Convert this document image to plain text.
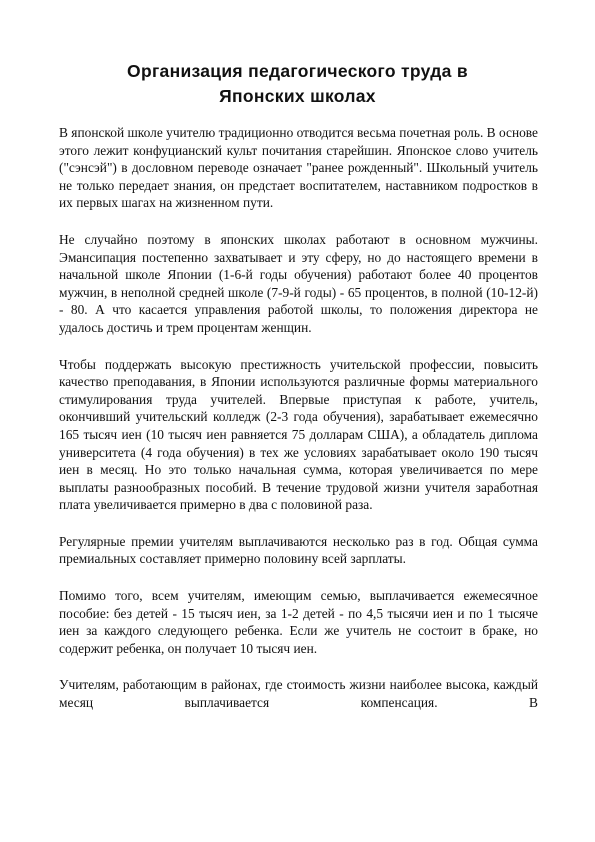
Организация педагогического труда в
Японских школах

В японской школе учителю традиционно отводится весьма почетная роль. В основе этого лежит конфуцианский культ почитания старейшин. Японское слово учитель ("сэнсэй") в дословном переводе означает "ранее рожденный". Школьный учитель не только передает знания, он предстает воспитателем, наставником подростков в их первых шагах на жизненном пути.

Не случайно поэтому в японских школах работают в основном мужчины. Эмансипация постепенно захватывает и эту сферу, но до настоящего времени в начальной школе Японии (1-6-й годы обучения) работают более 40 процентов мужчин, в неполной средней школе (7-9-й годы) - 65 процентов, в полной (10-12-й) - 80. А что касается управления работой школы, то положения директора не удалось достичь и трем процентам женщин.

Чтобы поддержать высокую престижность учительской профессии, повысить качество преподавания, в Японии используются различные формы материального стимулирования труда учителей. Впервые приступая к работе, учитель, окончивший учительский колледж (2-3 года обучения), зарабатывает ежемесячно 165 тысяч иен (10 тысяч иен равняется 75 долларам США), а обладатель диплома университета (4 года обучения) в тех же условиях зарабатывает около 190 тысяч иен в месяц. Но это только начальная сумма, которая увеличивается по мере выплаты разнообразных пособий. В течение трудовой жизни учителя заработная плата увеличивается примерно в два с половиной раза.

Регулярные премии учителям выплачиваются несколько раз в год. Общая сумма премиальных составляет примерно половину всей зарплаты.

Помимо того, всем учителям, имеющим семью, выплачивается ежемесячное пособие: без детей - 15 тысяч иен, за 1-2 детей - по 4,5 тысячи иен и по 1 тысяче иен за каждого следующего ребенка. Если же учитель не состоит в браке, но содержит ребенка, он получает 10 тысяч иен.

Учителям, работающим в районах, где стоимость жизни наиболее высока, каждый месяц выплачивается компенсация. В
